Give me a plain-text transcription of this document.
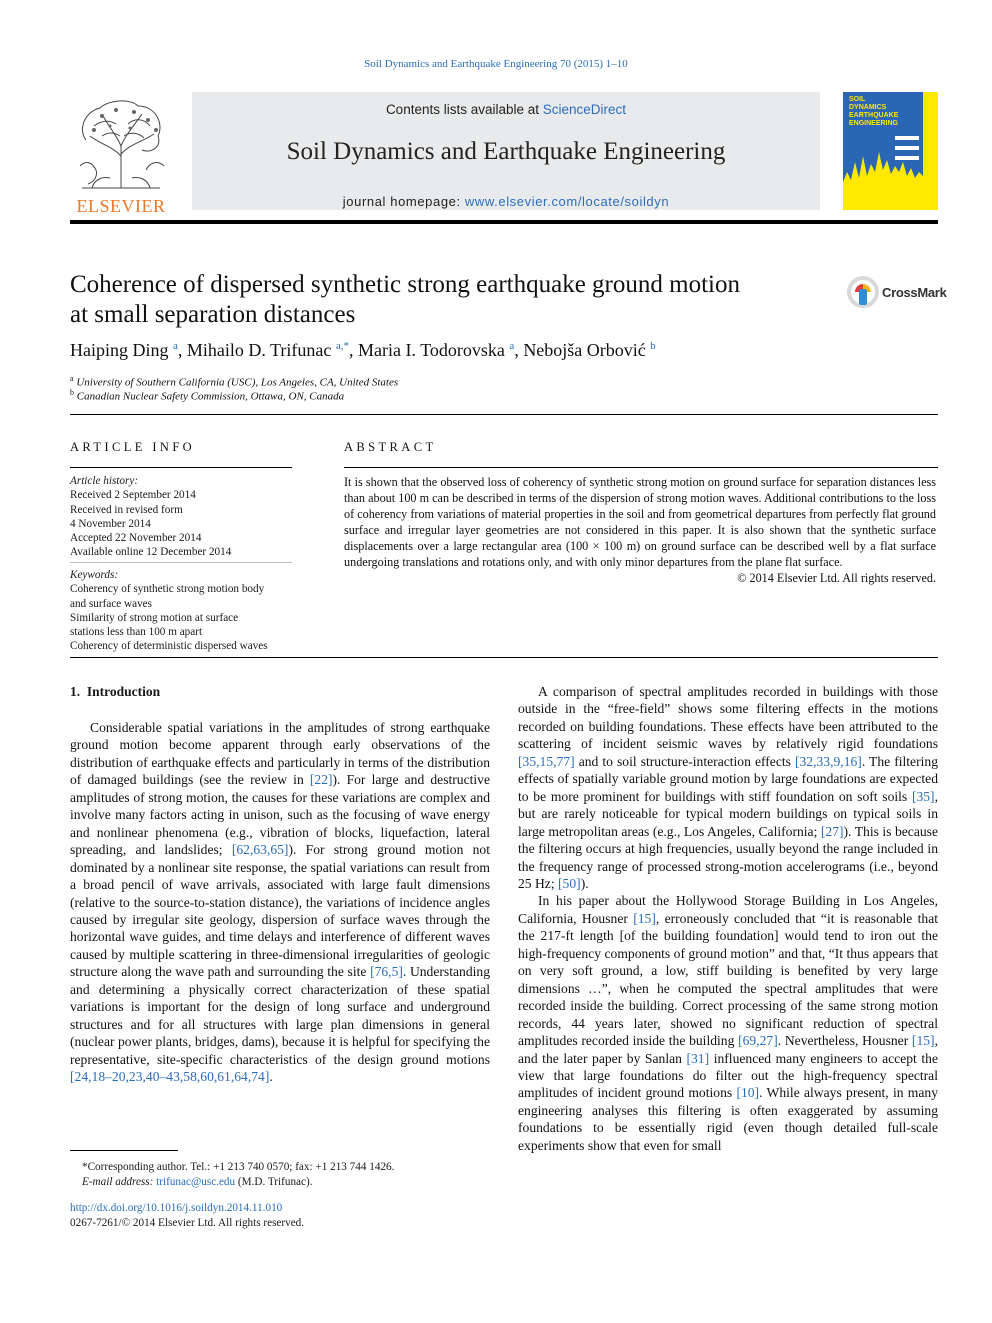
Soil Dynamics and Earthquake Engineering 70 (2015) 1–10
ELSEVIER
Contents lists available at ScienceDirect
Soil Dynamics and Earthquake Engineering
journal homepage: www.elsevier.com/locate/soildyn
SOIL
DYNAMICS
EARTHQUAKE
ENGINEERING
Coherence of dispersed synthetic strong earthquake ground motion
at small separation distances
CrossMark
Haiping Ding $^a$, Mihailo D. Trifunac $^{a,*}$, Maria I. Todorovska $^a$, Nebojša Orbović $^b$
$^a$ University of Southern California (USC), Los Angeles, CA, United States
$^b$ Canadian Nuclear Safety Commission, Ottawa, ON, Canada
ARTICLE INFO	ABSTRACT
Article history:
Received 2 September 2014
Received in revised form
4 November 2014
Accepted 22 November 2014
Available online 12 December 2014
Keywords:
Coherency of synthetic strong motion body
and surface waves
Similarity of strong motion at surface
stations less than 100 m apart
Coherency of deterministic dispersed waves
It is shown that the observed loss of coherency of synthetic strong motion on ground surface for separation distances less than about 100 m can be described in terms of the dispersion of strong motion waves. Additional contributions to the loss of coherency from variations of material properties in the soil and from geometrical departures from perfectly flat ground surface and irregular layer geometries are not considered in this paper. It is also shown that the synthetic surface displacements over a large rectangular area (100 × 100 m) on ground surface can be described well by a flat surface undergoing translations and rotations only, and with only minor departures from the plane flat surface.
© 2014 Elsevier Ltd. All rights reserved.
1. Introduction

Considerable spatial variations in the amplitudes of strong earthquake ground motion become apparent through early observations of the distribution of earthquake effects and particularly in terms of the distribution of damaged buildings (see the review in [22]). For large and destructive amplitudes of strong motion, the causes for these variations are complex and involve many factors acting in unison, such as the focusing of wave energy and nonlinear phenomena (e.g., vibration of blocks, liquefaction, lateral spreading, and landslides; [62,63,65]). For strong ground motion not dominated by a nonlinear site response, the spatial variations can result from a broad pencil of wave arrivals, associated with large fault dimensions (relative to the source-to-station distance), the variations of incidence angles caused by irregular site geology, dispersion of surface waves through the horizontal wave guides, and time delays and interference of different waves caused by multiple scattering in three-dimensional irregularities of geologic structure along the wave path and surrounding the site [76,5]. Understanding and determining a physically correct characterization of these spatial variations is important for the design of long surface and underground structures and for all structures with large plan dimensions in general (nuclear power plants, bridges, dams), because it is helpful for specifying the representative, site-specific characteristics of the design ground motions [24,18–20,23,40–43,58,60,61,64,74].

A comparison of spectral amplitudes recorded in buildings with those outside in the “free-field” shows some filtering effects in the motions recorded on building foundations. These effects have been attributed to the scattering of incident seismic waves by relatively rigid foundations [35,15,77] and to soil structure-interaction effects [32,33,9,16]. The filtering effects of spatially variable ground motion by large foundations are expected to be more prominent for buildings with stiff foundation on soft soils [35], but are rarely noticeable for typical modern buildings on typical soils in large metropolitan areas (e.g., Los Angeles, California; [27]). This is because the filtering occurs at high frequencies, usually beyond the range included in the frequency range of processed strong-motion accelerograms (i.e., beyond 25 Hz; [50]).

In his paper about the Hollywood Storage Building in Los Angeles, California, Housner [15], erroneously concluded that “it is reasonable that the 217-ft length [of the building foundation] would tend to iron out the high-frequency components of ground motion” and that, “It thus appears that on very soft ground, a low, stiff building is benefited by very large dimensions …”, when he computed the spectral amplitudes that were recorded inside the building. Correct processing of the same strong motion records, 44 years later, showed no significant reduction of spectral amplitudes recorded inside the building [69,27]. Nevertheless, Housner [15], and the later paper by Sanlan [31] influenced many engineers to accept the view that large foundations do filter out the high-frequency spectral amplitudes of incident ground motions [10]. While always present, in many engineering analyses this filtering is often exaggerated by assuming foundations to be essentially rigid (even though detailed full-scale experiments show that even for small

*Corresponding author. Tel.: +1 213 740 0570; fax: +1 213 744 1426.
E-mail address: trifunac@usc.edu (M.D. Trifunac).
http://dx.doi.org/10.1016/j.soildyn.2014.11.010
0267-7261/© 2014 Elsevier Ltd. All rights reserved.
